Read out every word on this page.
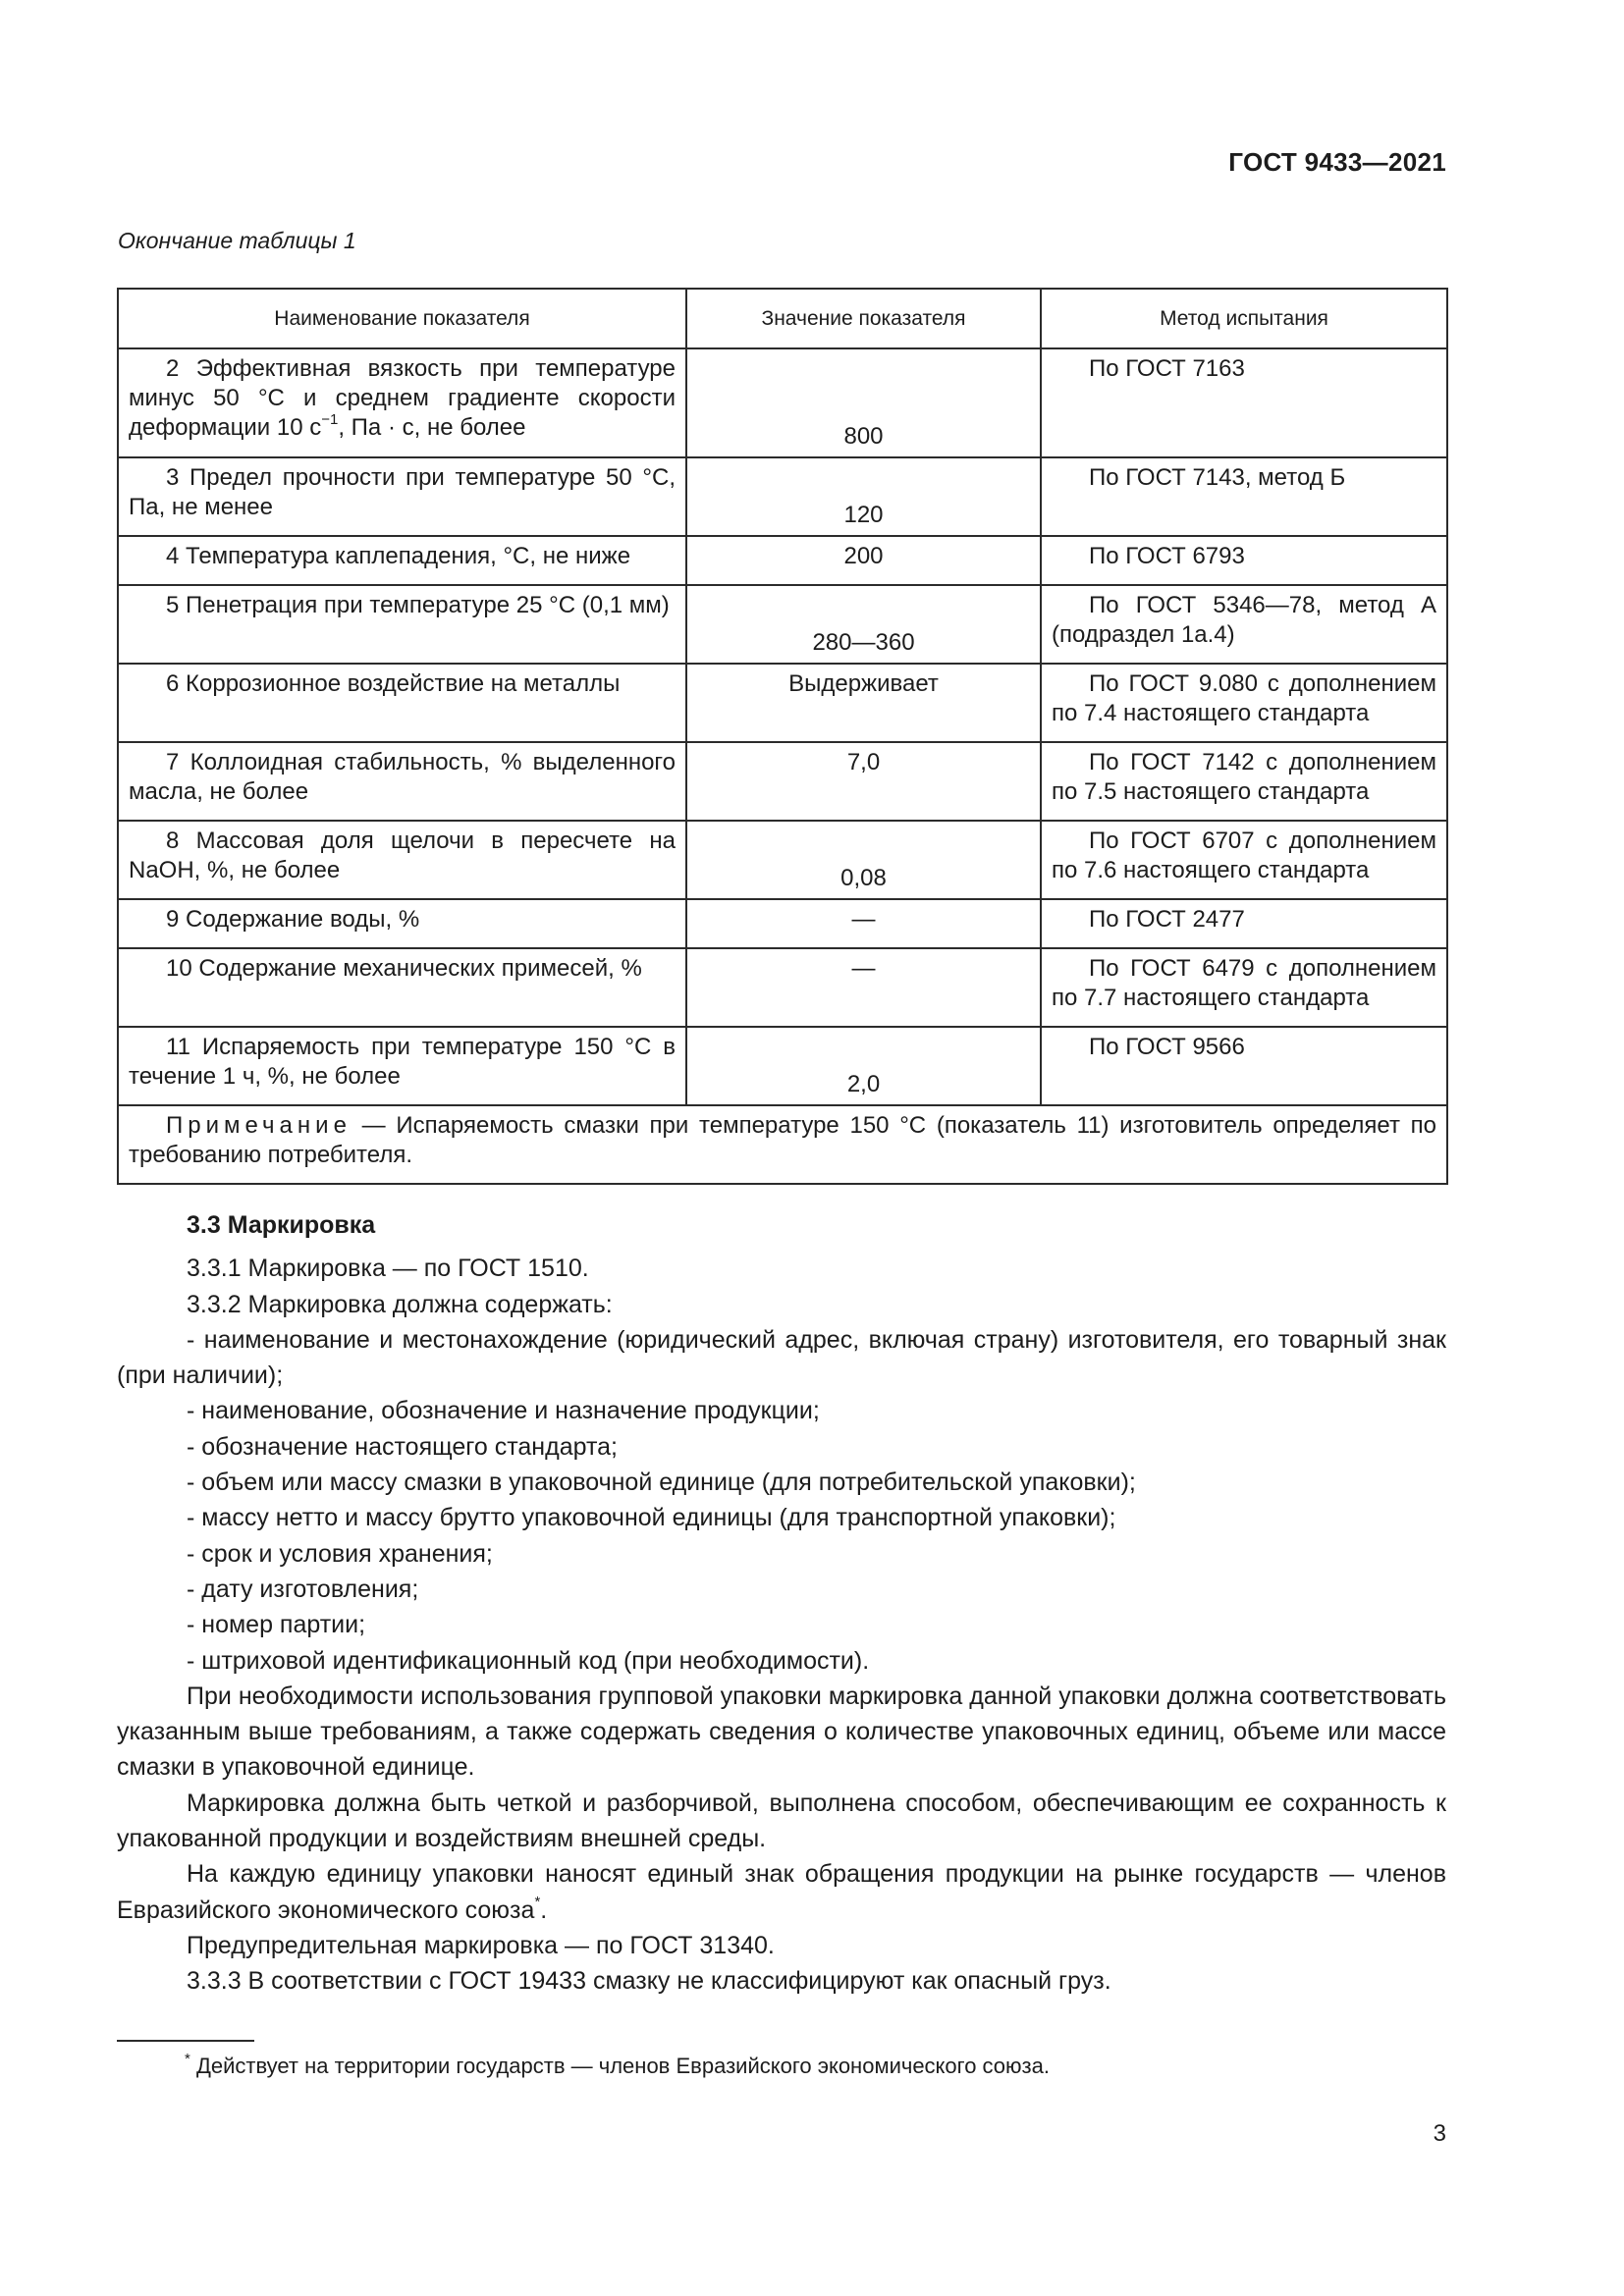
ГОСТ 9433—2021
Окончание таблицы 1
Наименование показателя	Значение показателя	Метод испытания
2 Эффективная вязкость при температуре минус 50 °С и среднем градиенте скорости деформации 10 $с^{-1}$, Па · с, не более	800	По ГОСТ 7163
3 Предел прочности при температуре 50 °С, Па, не менее	120	По ГОСТ 7143, метод Б
4 Температура каплепадения, °С, не ниже	200	По ГОСТ 6793
5 Пенетрация при температуре 25 °С (0,1 мм)	280—360	По ГОСТ 5346—78, метод А (подраздел 1а.4)
6 Коррозионное воздействие на металлы	Выдерживает	По ГОСТ 9.080 с дополнением по 7.4 настоящего стандарта
7 Коллоидная стабильность, % выделенного масла, не более	7,0	По ГОСТ 7142 с дополнением по 7.5 настоящего стандарта
8 Массовая доля щелочи в пересчете на NaOH, %, не более	0,08	По ГОСТ 6707 с дополнением по 7.6 настоящего стандарта
9 Содержание воды, %	—	По ГОСТ 2477
10 Содержание механических примесей, %	—	По ГОСТ 6479 с дополнением по 7.7 настоящего стандарта
11 Испаряемость при температуре 150 °С в течение 1 ч, %, не более	2,0	По ГОСТ 9566
Примечание — Испаряемость смазки при температуре 150 °С (показатель 11) изготовитель определяет по требованию потребителя.		

3.3 Маркировка

3.3.1 Маркировка — по ГОСТ 1510.

3.3.2 Маркировка должна содержать:

- наименование и местонахождение (юридический адрес, включая страну) изготовителя, его товарный знак (при наличии);

- наименование, обозначение и назначение продукции;

- обозначение настоящего стандарта;

- объем или массу смазки в упаковочной единице (для потребительской упаковки);

- массу нетто и массу брутто упаковочной единицы (для транспортной упаковки);

- срок и условия хранения;

- дату изготовления;

- номер партии;

- штриховой идентификационный код (при необходимости).

При необходимости использования групповой упаковки маркировка данной упаковки должна соответствовать указанным выше требованиям, а также содержать сведения о количестве упаковочных единиц, объеме или массе смазки в упаковочной единице.

Маркировка должна быть четкой и разборчивой, выполнена способом, обеспечивающим ее сохранность к упакованной продукции и воздействиям внешней среды.

На каждую единицу упаковки наносят единый знак обращения продукции на рынке государств — членов Евразийского экономического союза*.

Предупредительная маркировка — по ГОСТ 31340.

3.3.3 В соответствии с ГОСТ 19433 смазку не классифицируют как опасный груз.

* Действует на территории государств — членов Евразийского экономического союза.
3
